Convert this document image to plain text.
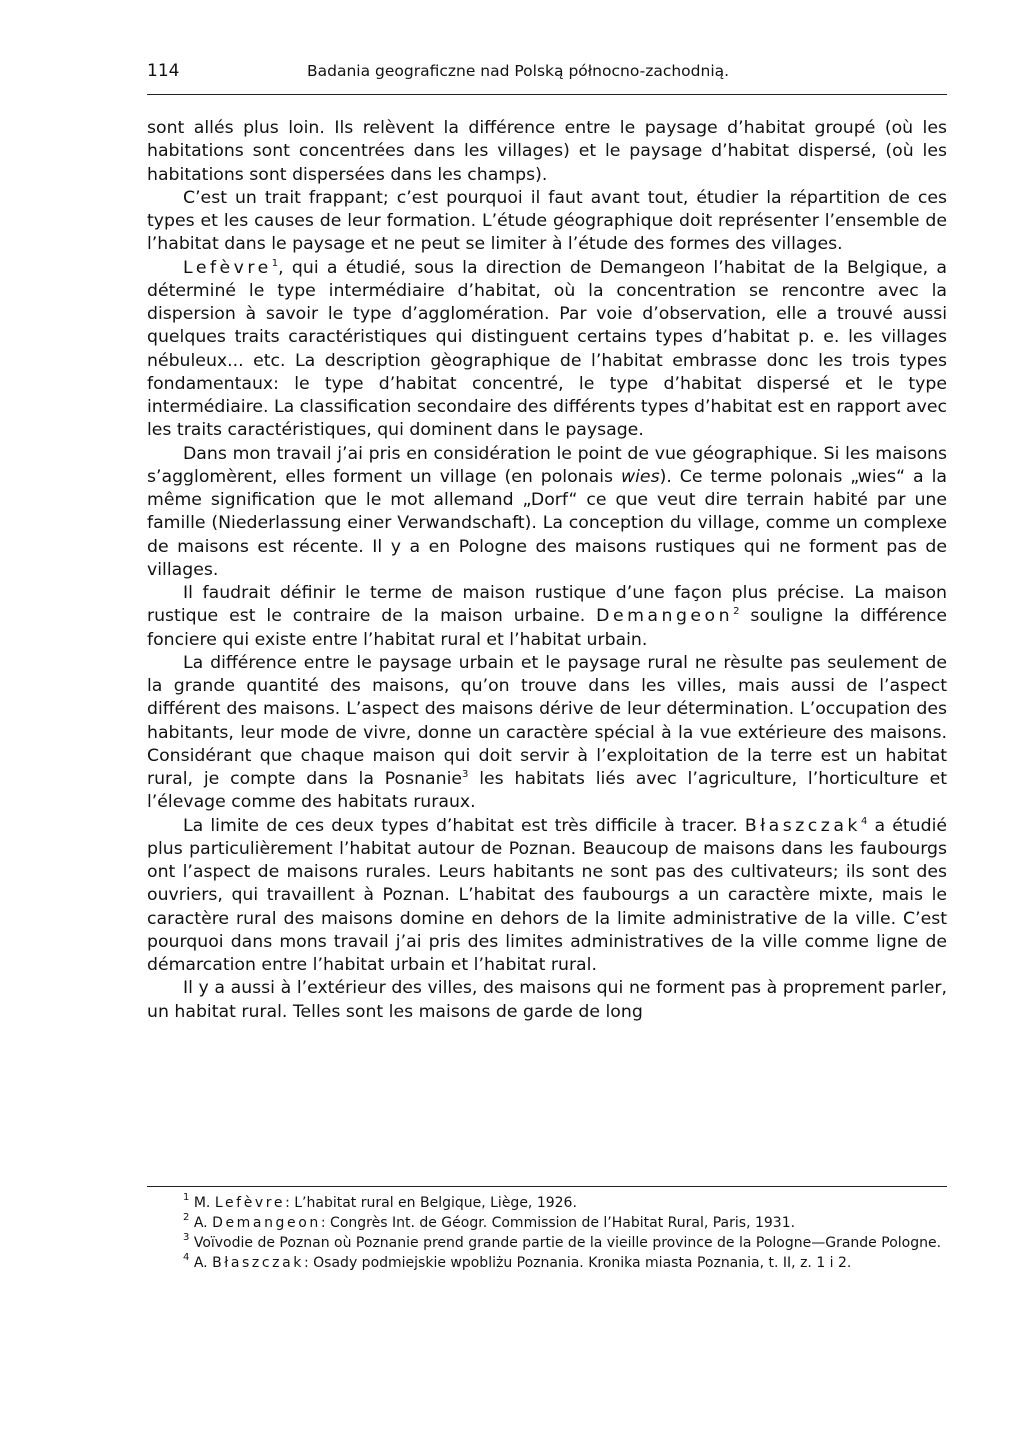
114	Badania geograficzne nad Polską północno-zachodnią.

sont allés plus loin. Ils relèvent la différence entre le paysage d’habitat groupé (où les habitations sont concentrées dans les villages) et le paysage d’habitat dispersé, (où les habitations sont dispersées dans les champs).

C’est un trait frappant; c’est pourquoi il faut avant tout, étudier la répartition de ces types et les causes de leur formation. L’étude géographique doit représenter l’ensemble de l’habitat dans le paysage et ne peut se limiter à l’étude des formes des villages.

Lefèvre$^1$, qui a étudié, sous la direction de Demangeon l’habitat de la Belgique, a déterminé le type intermédiaire d’habitat, où la concentration se rencontre avec la dispersion à savoir le type d’agglomération. Par voie d’observation, elle a trouvé aussi quelques traits caractéristiques qui distinguent certains types d’habitat p. e. les villages nébuleux... etc. La description gèographique de l’habitat embrasse donc les trois types fondamentaux: le type d’habitat concentré, le type d’habitat dispersé et le type intermédiaire. La classification secondaire des différents types d’habitat est en rapport avec les traits caractéristiques, qui dominent dans le paysage.

Dans mon travail j’ai pris en considération le point de vue géographique. Si les maisons s’agglomèrent, elles forment un village (en polonais wies). Ce terme polonais „wies“ a la même signification que le mot allemand „Dorf“ ce que veut dire terrain habité par une famille (Niederlassung einer Verwandschaft). La conception du village, comme un complexe de maisons est récente. Il y a en Pologne des maisons rustiques qui ne forment pas de villages.

Il faudrait définir le terme de maison rustique d’une façon plus précise. La maison rustique est le contraire de la maison urbaine. Demangeon$^2$ souligne la différence fonciere qui existe entre l’habitat rural et l’habitat urbain.

La différence entre le paysage urbain et le paysage rural ne rèsulte pas seulement de la grande quantité des maisons, qu’on trouve dans les villes, mais aussi de l’aspect différent des maisons. L’aspect des maisons dérive de leur détermination. L’occupation des habitants, leur mode de vivre, donne un caractère spécial à la vue extérieure des maisons. Considérant que chaque maison qui doit servir à l’exploitation de la terre est un habitat rural, je compte dans la Posnanie$^3$ les habitats liés avec l’agriculture, l’horticulture et l’élevage comme des habitats ruraux.

La limite de ces deux types d’habitat est très difficile à tracer. Błaszczak$^4$ a étudié plus particulièrement l’habitat autour de Poznan. Beaucoup de maisons dans les faubourgs ont l’aspect de maisons rurales. Leurs habitants ne sont pas des cultivateurs; ils sont des ouvriers, qui travaillent à Poznan. L’habitat des faubourgs a un caractère mixte, mais le caractère rural des maisons domine en dehors de la limite administrative de la ville. C’est pourquoi dans mons travail j’ai pris des limites administratives de la ville comme ligne de démarcation entre l’habitat urbain et l’habitat rural.

Il y a aussi à l’extérieur des villes, des maisons qui ne forment pas à proprement parler, un habitat rural. Telles sont les maisons de garde de long

$^1$ M. Lefèvre: L’habitat rural en Belgique, Liège, 1926.

$^2$ A. Demangeon: Congrès Int. de Géogr. Commission de l’Habitat Rural, Paris, 1931.

$^3$ Voïvodie de Poznan où Poznanie prend grande partie de la vieille province de la Pologne—Grande Pologne.

$^4$ A. Błaszczak: Osady podmiejskie wpobliżu Poznania. Kronika miasta Poznania, t. II, z. 1 i 2.
